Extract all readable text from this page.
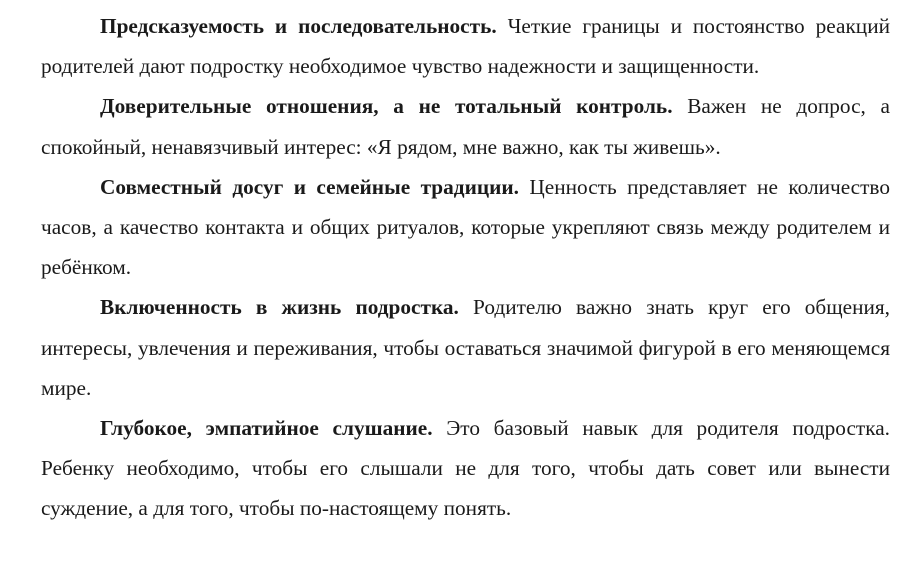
Предсказуемость и последовательность. Четкие границы и постоянство реакций родителей дают подростку необходимое чувство надежности и защищенности.

Доверительные отношения, а не тотальный контроль. Важен не допрос, а спокойный, ненавязчивый интерес: «Я рядом, мне важно, как ты живешь».

Совместный досуг и семейные традиции. Ценность представляет не количество часов, а качество контакта и общих ритуалов, которые укрепляют связь между родителем и ребёнком.

Включенность в жизнь подростка. Родителю важно знать круг его общения, интересы, увлечения и переживания, чтобы оставаться значимой фигурой в его меняющемся мире.

Глубокое, эмпатийное слушание. Это базовый навык для родителя подростка. Ребенку необходимо, чтобы его слышали не для того, чтобы дать совет или вынести суждение, а для того, чтобы по-настоящему понять.
